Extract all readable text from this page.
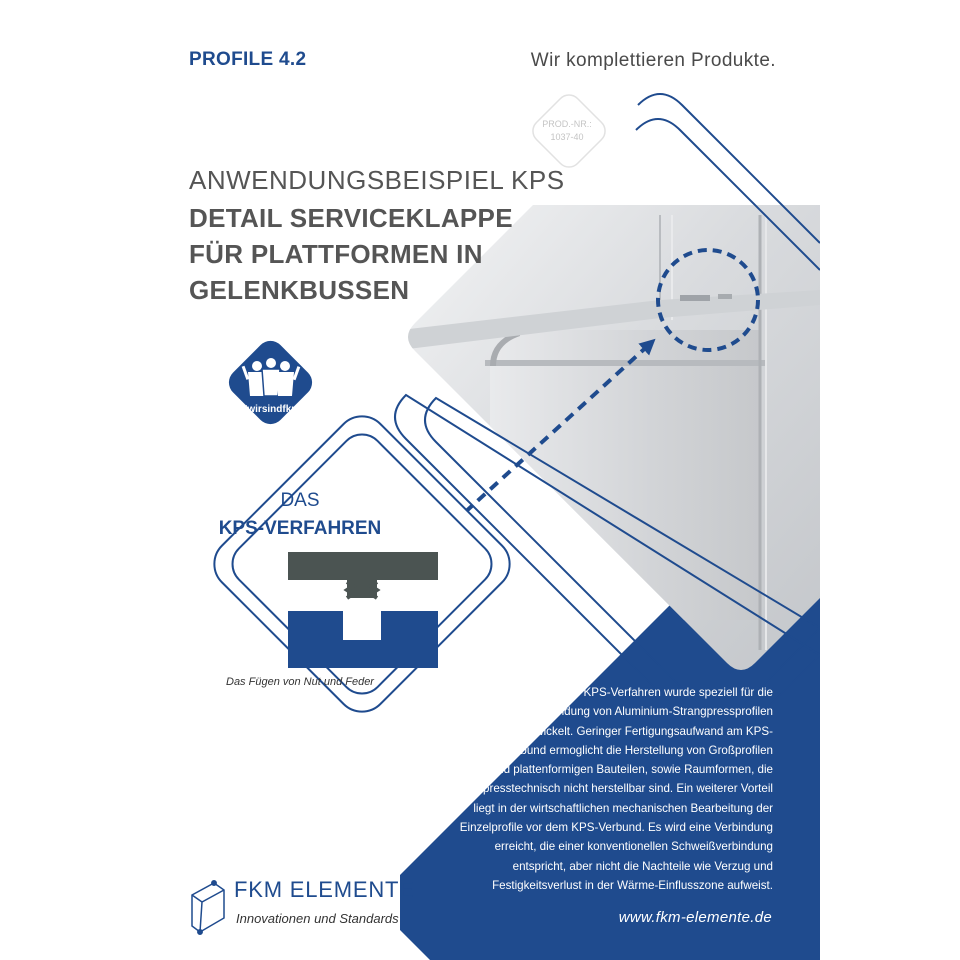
PROFILE 4.2	Wir komplettieren Produkte.
PROD.-NR.:
1037-40
ANWENDUNGSBEISPIEL KPS
DETAIL SERVICEKLAPPE
FÜR PLATTFORMEN IN
GELENKBUSSEN
#wirsindfkm
DAS
KPS-VERFAHREN
Das Fügen von Nut und Feder
Das KPS-Verfahren wurde speziell für die
Verbindung von Aluminium-Strangpressprofilen
entwickelt. Geringer Fertigungsaufwand am KPS-
Verbund ermoglicht die Herstellung von Großprofilen
und plattenformigen Bauteilen, sowie Raumformen, die
presstechnisch nicht herstellbar sind. Ein weiterer Vorteil
liegt in der wirtschaftlichen mechanischen Bearbeitung der
Einzelprofile vor dem KPS-Verbund. Es wird eine Verbindung
erreicht, die einer konventionellen Schweißverbindung
entspricht, aber nicht die Nachteile wie Verzug und
Festigkeitsverlust in der Wärme-Einflusszone aufweist.
FKM ELEMENTE
Innovationen und Standards	www.fkm-elemente.de
